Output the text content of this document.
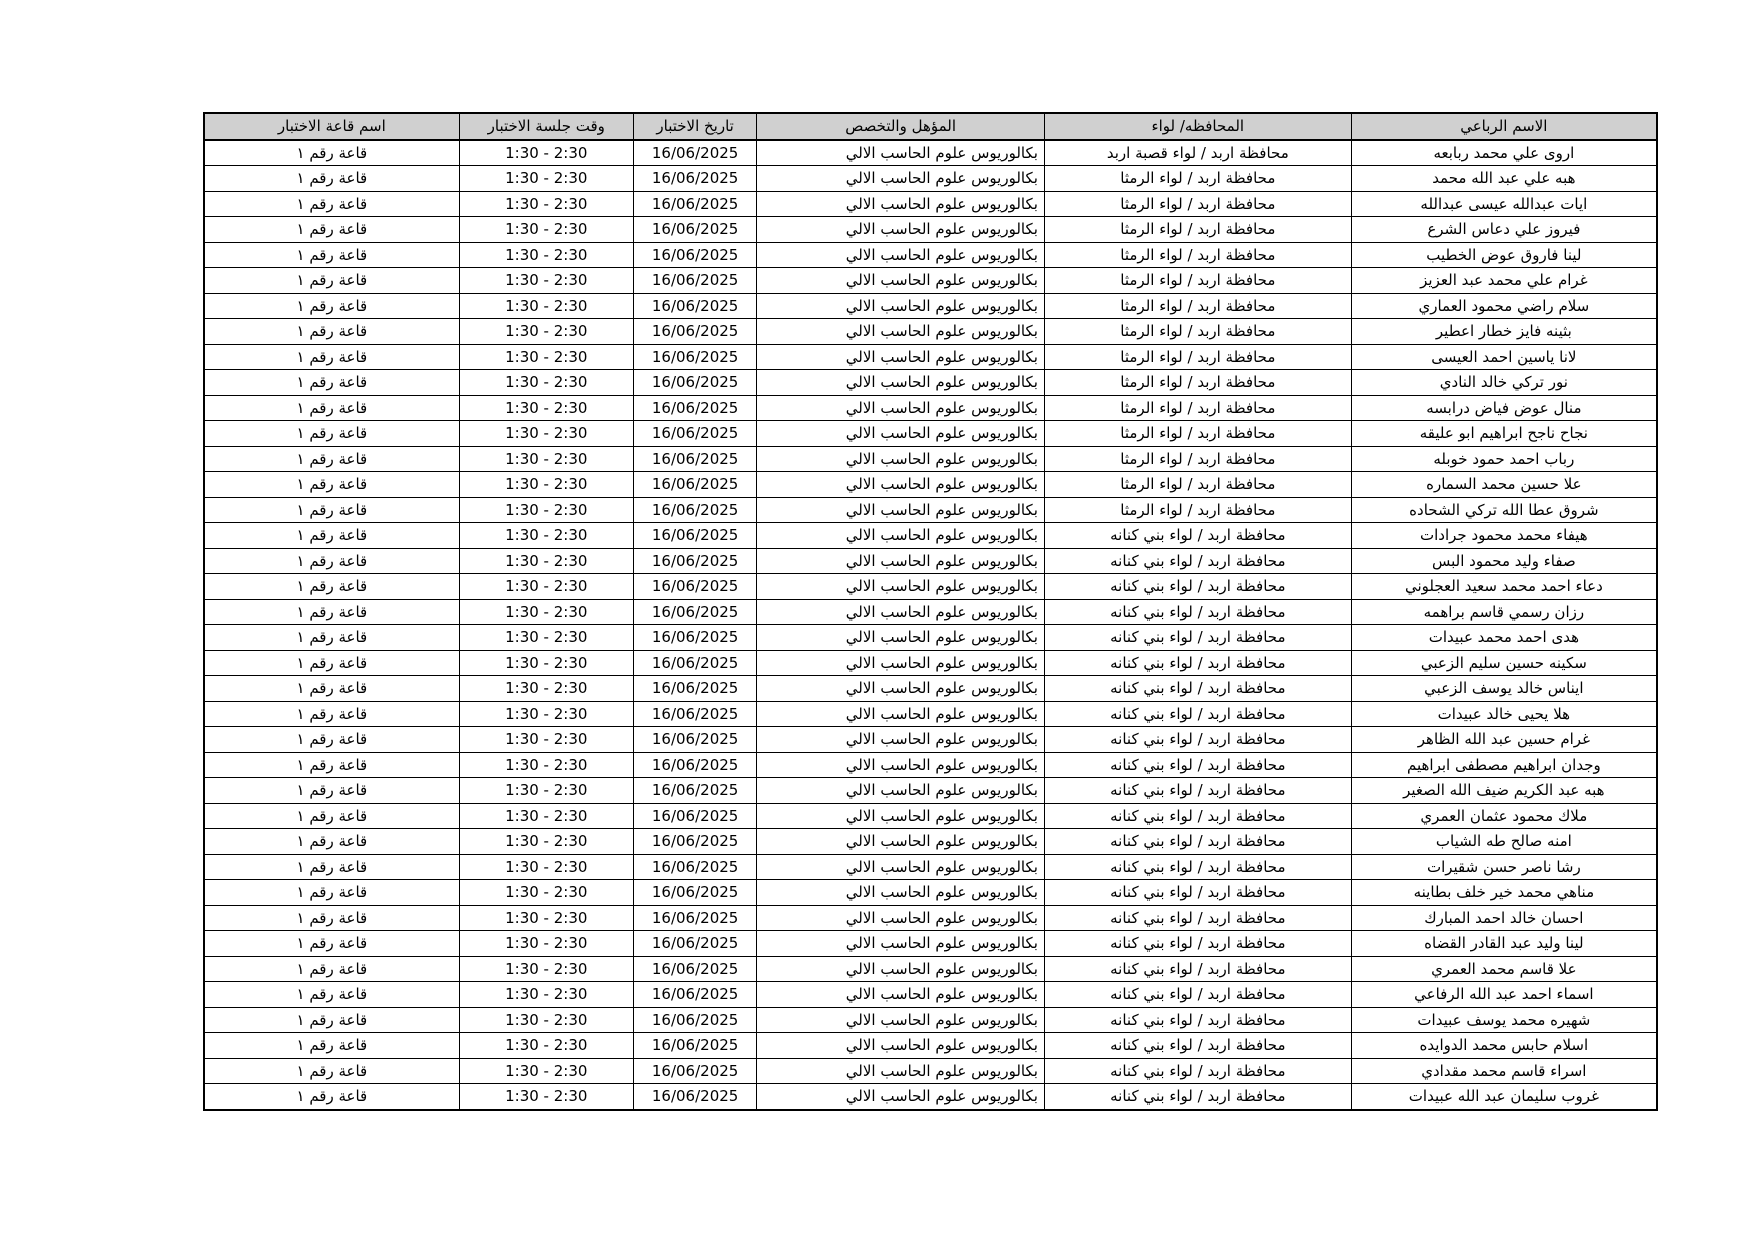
الاسم الرباعي	المحافظه/ لواء	المؤهل والتخصص	تاريخ الاختبار	وقت جلسة الاختبار	اسم قاعة الاختبار
اروى علي محمد ربابعه	محافظة اربد / لواء قصبة اربد	بكالوريوس علوم الحاسب الالي	16/06/2025	1:30 - 2:30	قاعة رقم ١
هبه علي عبد الله محمد	محافظة اربد / لواء الرمثا	بكالوريوس علوم الحاسب الالي	16/06/2025	1:30 - 2:30	قاعة رقم ١
ايات عبدالله عيسى عبدالله	محافظة اربد / لواء الرمثا	بكالوريوس علوم الحاسب الالي	16/06/2025	1:30 - 2:30	قاعة رقم ١
فيروز علي دعاس الشرع	محافظة اربد / لواء الرمثا	بكالوريوس علوم الحاسب الالي	16/06/2025	1:30 - 2:30	قاعة رقم ١
لينا فاروق عوض الخطيب	محافظة اربد / لواء الرمثا	بكالوريوس علوم الحاسب الالي	16/06/2025	1:30 - 2:30	قاعة رقم ١
غرام علي محمد عبد العزيز	محافظة اربد / لواء الرمثا	بكالوريوس علوم الحاسب الالي	16/06/2025	1:30 - 2:30	قاعة رقم ١
سلام راضي محمود العماري	محافظة اربد / لواء الرمثا	بكالوريوس علوم الحاسب الالي	16/06/2025	1:30 - 2:30	قاعة رقم ١
بثينه فايز خطار اعطير	محافظة اربد / لواء الرمثا	بكالوريوس علوم الحاسب الالي	16/06/2025	1:30 - 2:30	قاعة رقم ١
لانا ياسين احمد العيسى	محافظة اربد / لواء الرمثا	بكالوريوس علوم الحاسب الالي	16/06/2025	1:30 - 2:30	قاعة رقم ١
نور تركي خالد النادي	محافظة اربد / لواء الرمثا	بكالوريوس علوم الحاسب الالي	16/06/2025	1:30 - 2:30	قاعة رقم ١
منال عوض فياض درابسه	محافظة اربد / لواء الرمثا	بكالوريوس علوم الحاسب الالي	16/06/2025	1:30 - 2:30	قاعة رقم ١
نجاح ناجح ابراهيم ابو عليقه	محافظة اربد / لواء الرمثا	بكالوريوس علوم الحاسب الالي	16/06/2025	1:30 - 2:30	قاعة رقم ١
رباب احمد حمود خوبله	محافظة اربد / لواء الرمثا	بكالوريوس علوم الحاسب الالي	16/06/2025	1:30 - 2:30	قاعة رقم ١
علا حسين محمد السماره	محافظة اربد / لواء الرمثا	بكالوريوس علوم الحاسب الالي	16/06/2025	1:30 - 2:30	قاعة رقم ١
شروق عطا الله تركي الشحاده	محافظة اربد / لواء الرمثا	بكالوريوس علوم الحاسب الالي	16/06/2025	1:30 - 2:30	قاعة رقم ١
هيفاء محمد محمود جرادات	محافظة اربد / لواء بني كنانه	بكالوريوس علوم الحاسب الالي	16/06/2025	1:30 - 2:30	قاعة رقم ١
صفاء وليد محمود البس	محافظة اربد / لواء بني كنانه	بكالوريوس علوم الحاسب الالي	16/06/2025	1:30 - 2:30	قاعة رقم ١
دعاء احمد محمد سعيد العجلوني	محافظة اربد / لواء بني كنانه	بكالوريوس علوم الحاسب الالي	16/06/2025	1:30 - 2:30	قاعة رقم ١
رزان رسمي قاسم براهمه	محافظة اربد / لواء بني كنانه	بكالوريوس علوم الحاسب الالي	16/06/2025	1:30 - 2:30	قاعة رقم ١
هدى احمد محمد عبيدات	محافظة اربد / لواء بني كنانه	بكالوريوس علوم الحاسب الالي	16/06/2025	1:30 - 2:30	قاعة رقم ١
سكينه حسين سليم الزعبي	محافظة اربد / لواء بني كنانه	بكالوريوس علوم الحاسب الالي	16/06/2025	1:30 - 2:30	قاعة رقم ١
ايناس خالد يوسف الزعبي	محافظة اربد / لواء بني كنانه	بكالوريوس علوم الحاسب الالي	16/06/2025	1:30 - 2:30	قاعة رقم ١
هلا يحيى خالد عبيدات	محافظة اربد / لواء بني كنانه	بكالوريوس علوم الحاسب الالي	16/06/2025	1:30 - 2:30	قاعة رقم ١
غرام حسين عبد الله الظاهر	محافظة اربد / لواء بني كنانه	بكالوريوس علوم الحاسب الالي	16/06/2025	1:30 - 2:30	قاعة رقم ١
وجدان ابراهيم مصطفى ابراهيم	محافظة اربد / لواء بني كنانه	بكالوريوس علوم الحاسب الالي	16/06/2025	1:30 - 2:30	قاعة رقم ١
هبه عبد الكريم ضيف الله الصغير	محافظة اربد / لواء بني كنانه	بكالوريوس علوم الحاسب الالي	16/06/2025	1:30 - 2:30	قاعة رقم ١
ملاك محمود عثمان العمري	محافظة اربد / لواء بني كنانه	بكالوريوس علوم الحاسب الالي	16/06/2025	1:30 - 2:30	قاعة رقم ١
امنه صالح طه الشياب	محافظة اربد / لواء بني كنانه	بكالوريوس علوم الحاسب الالي	16/06/2025	1:30 - 2:30	قاعة رقم ١
رشا ناصر حسن شقيرات	محافظة اربد / لواء بني كنانه	بكالوريوس علوم الحاسب الالي	16/06/2025	1:30 - 2:30	قاعة رقم ١
مناهي محمد خير خلف بطاينه	محافظة اربد / لواء بني كنانه	بكالوريوس علوم الحاسب الالي	16/06/2025	1:30 - 2:30	قاعة رقم ١
احسان خالد احمد المبارك	محافظة اربد / لواء بني كنانه	بكالوريوس علوم الحاسب الالي	16/06/2025	1:30 - 2:30	قاعة رقم ١
لينا وليد عبد القادر القضاه	محافظة اربد / لواء بني كنانه	بكالوريوس علوم الحاسب الالي	16/06/2025	1:30 - 2:30	قاعة رقم ١
علا قاسم محمد العمري	محافظة اربد / لواء بني كنانه	بكالوريوس علوم الحاسب الالي	16/06/2025	1:30 - 2:30	قاعة رقم ١
اسماء احمد عبد الله الرفاعي	محافظة اربد / لواء بني كنانه	بكالوريوس علوم الحاسب الالي	16/06/2025	1:30 - 2:30	قاعة رقم ١
شهيره محمد يوسف عبيدات	محافظة اربد / لواء بني كنانه	بكالوريوس علوم الحاسب الالي	16/06/2025	1:30 - 2:30	قاعة رقم ١
اسلام حابس محمد الدوايده	محافظة اربد / لواء بني كنانه	بكالوريوس علوم الحاسب الالي	16/06/2025	1:30 - 2:30	قاعة رقم ١
اسراء قاسم محمد مقدادي	محافظة اربد / لواء بني كنانه	بكالوريوس علوم الحاسب الالي	16/06/2025	1:30 - 2:30	قاعة رقم ١
غروب سليمان عبد الله عبيدات	محافظة اربد / لواء بني كنانه	بكالوريوس علوم الحاسب الالي	16/06/2025	1:30 - 2:30	قاعة رقم ١
